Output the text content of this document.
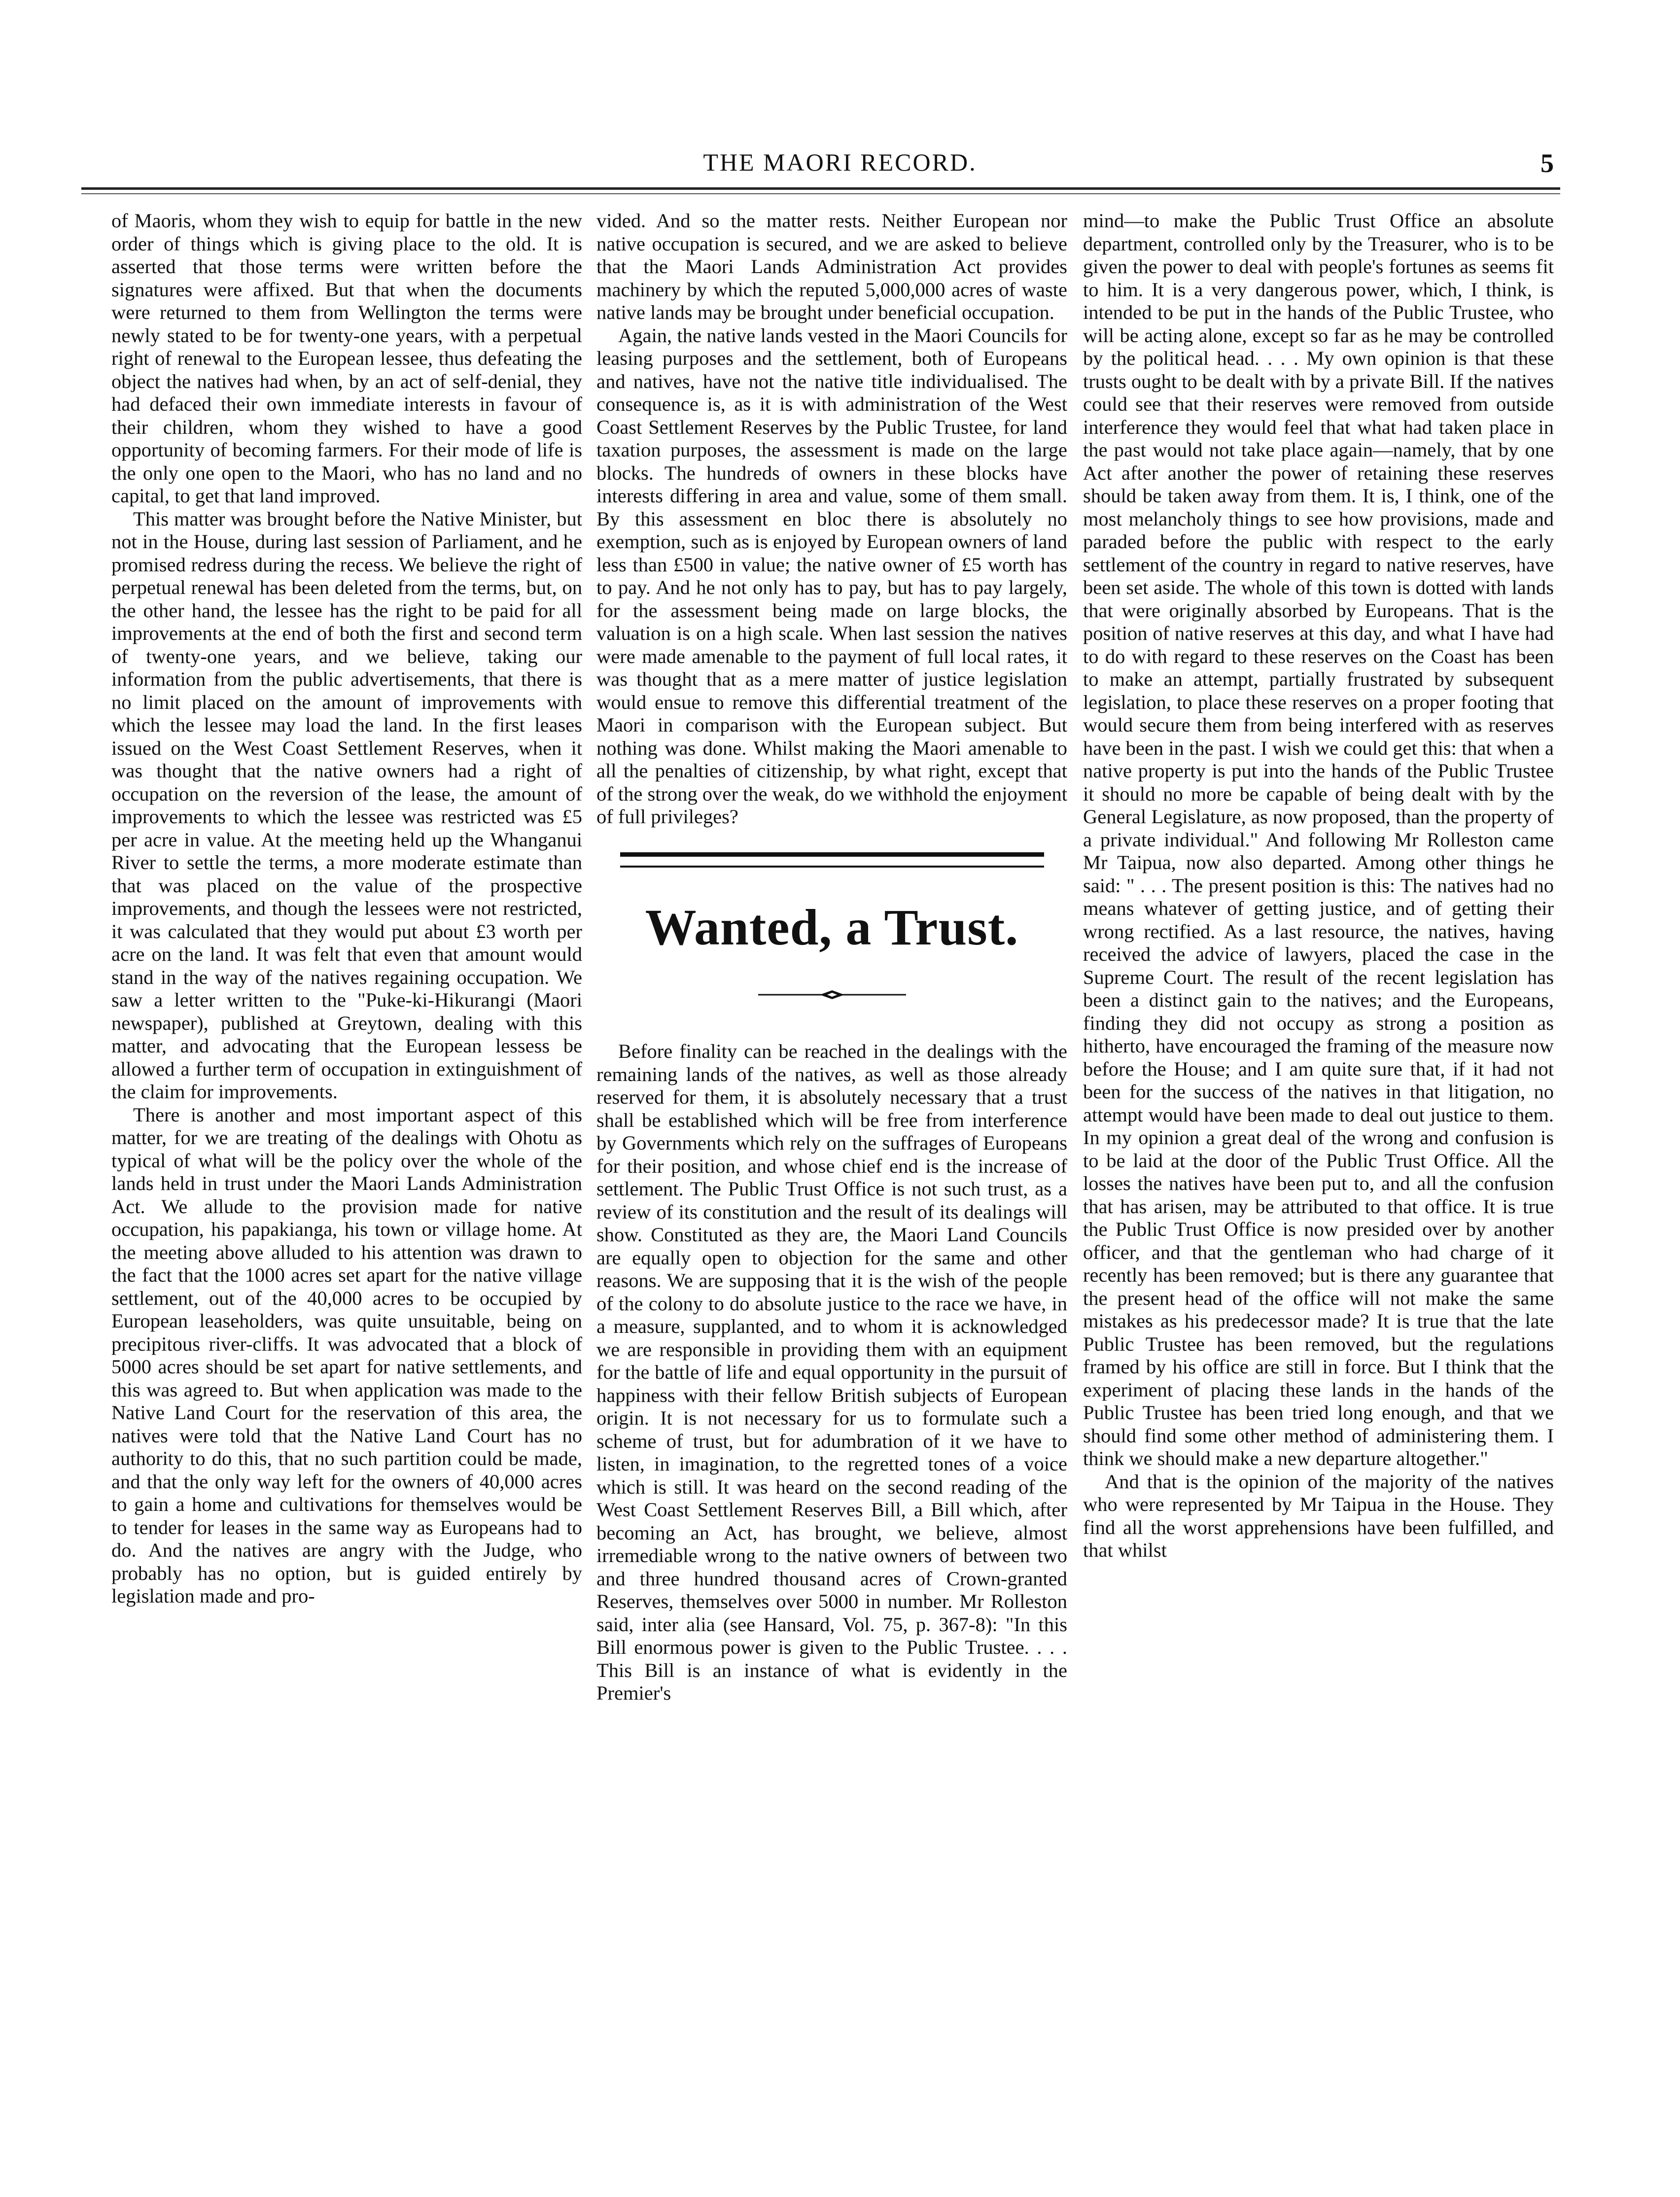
THE MAORI RECORD.	5

of Maoris, whom they wish to equip for battle in the new order of things which is giving place to the old. It is asserted that those terms were written before the signatures were affixed. But that when the documents were returned to them from Wellington the terms were newly stated to be for twenty-one years, with a perpetual right of renewal to the European lessee, thus defeating the object the natives had when, by an act of self-denial, they had defaced their own immediate interests in favour of their children, whom they wished to have a good opportunity of becoming farmers. For their mode of life is the only one open to the Maori, who has no land and no capital, to get that land improved.

This matter was brought before the Native Minister, but not in the House, during last session of Parliament, and he promised redress during the recess. We believe the right of perpetual renewal has been deleted from the terms, but, on the other hand, the lessee has the right to be paid for all improvements at the end of both the first and second term of twenty-one years, and we believe, taking our information from the public advertisements, that there is no limit placed on the amount of improvements with which the lessee may load the land. In the first leases issued on the West Coast Settlement Reserves, when it was thought that the native owners had a right of occupation on the reversion of the lease, the amount of improvements to which the lessee was restricted was £5 per acre in value. At the meeting held up the Whanganui River to settle the terms, a more moderate estimate than that was placed on the value of the prospective improvements, and though the lessees were not restricted, it was calculated that they would put about £3 worth per acre on the land. It was felt that even that amount would stand in the way of the natives regaining occupation. We saw a letter written to the "Puke-ki-Hikurangi (Maori newspaper), published at Greytown, dealing with this matter, and advocating that the European lessess be allowed a further term of occupation in extinguishment of the claim for improvements.

There is another and most important aspect of this matter, for we are treating of the dealings with Ohotu as typical of what will be the policy over the whole of the lands held in trust under the Maori Lands Administration Act. We allude to the provision made for native occupation, his papakianga, his town or village home. At the meeting above alluded to his attention was drawn to the fact that the 1000 acres set apart for the native village settlement, out of the 40,000 acres to be occupied by European leaseholders, was quite unsuitable, being on precipitous river-cliffs. It was advocated that a block of 5000 acres should be set apart for native settlements, and this was agreed to. But when application was made to the Native Land Court for the reservation of this area, the natives were told that the Native Land Court has no authority to do this, that no such partition could be made, and that the only way left for the owners of 40,000 acres to gain a home and cultivations for themselves would be to tender for leases in the same way as Europeans had to do. And the natives are angry with the Judge, who probably has no option, but is guided entirely by legislation made and pro-

vided. And so the matter rests. Neither European nor native occupation is secured, and we are asked to believe that the Maori Lands Administration Act provides machinery by which the reputed 5,000,000 acres of waste native lands may be brought under beneficial occupation.

Again, the native lands vested in the Maori Councils for leasing purposes and the settlement, both of Europeans and natives, have not the native title individualised. The consequence is, as it is with administration of the West Coast Settlement Reserves by the Public Trustee, for land taxation purposes, the assessment is made on the large blocks. The hundreds of owners in these blocks have interests differing in area and value, some of them small. By this assessment en bloc there is absolutely no exemption, such as is enjoyed by European owners of land less than £500 in value; the native owner of £5 worth has to pay. And he not only has to pay, but has to pay largely, for the assessment being made on large blocks, the valuation is on a high scale. When last session the natives were made amenable to the payment of full local rates, it was thought that as a mere matter of justice legislation would ensue to remove this differential treatment of the Maori in comparison with the European subject. But nothing was done. Whilst making the Maori amenable to all the penalties of citizenship, by what right, except that of the strong over the weak, do we withhold the enjoyment of full privileges?

Wanted, a Trust.

Before finality can be reached in the dealings with the remaining lands of the natives, as well as those already reserved for them, it is absolutely necessary that a trust shall be established which will be free from interference by Governments which rely on the suffrages of Europeans for their position, and whose chief end is the increase of settlement. The Public Trust Office is not such trust, as a review of its constitution and the result of its dealings will show. Constituted as they are, the Maori Land Councils are equally open to objection for the same and other reasons. We are supposing that it is the wish of the people of the colony to do absolute justice to the race we have, in a measure, supplanted, and to whom it is acknowledged we are responsible in providing them with an equipment for the battle of life and equal opportunity in the pursuit of happiness with their fellow British subjects of European origin. It is not necessary for us to formulate such a scheme of trust, but for adumbration of it we have to listen, in imagination, to the regretted tones of a voice which is still. It was heard on the second reading of the West Coast Settlement Reserves Bill, a Bill which, after becoming an Act, has brought, we believe, almost irremediable wrong to the native owners of between two and three hundred thousand acres of Crown-granted Reserves, themselves over 5000 in number. Mr Rolleston said, inter alia (see Hansard, Vol. 75, p. 367-8): "In this Bill enormous power is given to the Public Trustee. . . . This Bill is an instance of what is evidently in the Premier's

mind—to make the Public Trust Office an absolute department, controlled only by the Treasurer, who is to be given the power to deal with people's fortunes as seems fit to him. It is a very dangerous power, which, I think, is intended to be put in the hands of the Public Trustee, who will be acting alone, except so far as he may be controlled by the political head. . . . My own opinion is that these trusts ought to be dealt with by a private Bill. If the natives could see that their reserves were removed from outside interference they would feel that what had taken place in the past would not take place again—namely, that by one Act after another the power of retaining these reserves should be taken away from them. It is, I think, one of the most melancholy things to see how provisions, made and paraded before the public with respect to the early settlement of the country in regard to native reserves, have been set aside. The whole of this town is dotted with lands that were originally absorbed by Europeans. That is the position of native reserves at this day, and what I have had to do with regard to these reserves on the Coast has been to make an attempt, partially frustrated by subsequent legislation, to place these reserves on a proper footing that would secure them from being interfered with as reserves have been in the past. I wish we could get this: that when a native property is put into the hands of the Public Trustee it should no more be capable of being dealt with by the General Legislature, as now proposed, than the property of a private individual." And following Mr Rolleston came Mr Taipua, now also departed. Among other things he said: " . . . The present position is this: The natives had no means whatever of getting justice, and of getting their wrong rectified. As a last resource, the natives, having received the advice of lawyers, placed the case in the Supreme Court. The result of the recent legislation has been a distinct gain to the natives; and the Europeans, finding they did not occupy as strong a position as hitherto, have encouraged the framing of the measure now before the House; and I am quite sure that, if it had not been for the success of the natives in that litigation, no attempt would have been made to deal out justice to them. In my opinion a great deal of the wrong and confusion is to be laid at the door of the Public Trust Office. All the losses the natives have been put to, and all the confusion that has arisen, may be attributed to that office. It is true the Public Trust Office is now presided over by another officer, and that the gentleman who had charge of it recently has been removed; but is there any guarantee that the present head of the office will not make the same mistakes as his predecessor made? It is true that the late Public Trustee has been removed, but the regulations framed by his office are still in force. But I think that the experiment of placing these lands in the hands of the Public Trustee has been tried long enough, and that we should find some other method of administering them. I think we should make a new departure altogether."

And that is the opinion of the majority of the natives who were represented by Mr Taipua in the House. They find all the worst apprehensions have been fulfilled, and that whilst
